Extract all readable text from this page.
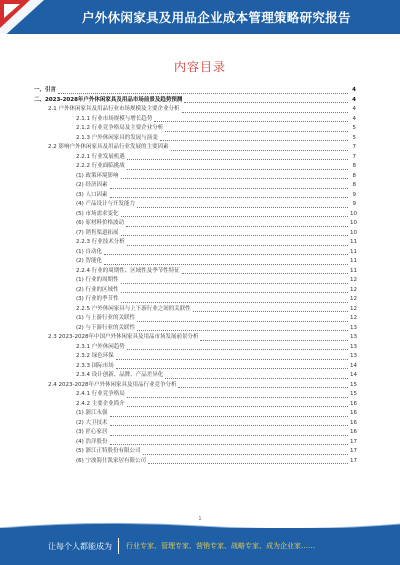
户外休闲家具及用品企业成本管理策略研究报告
内容目录
一、引言	4
二、2023-2028年户外休闲家具及用品市场前景及趋势预测	4
2.1 户外休闲家具及用品行业市场规模及主要企业分析	4
2.1.1 行业市场规模与增长趋势	4
2.1.2 行业竞争格局及主要企业分析	5
2.1.3 户外休闲家具的发展与演变	5
2.2 影响户外休闲家具及用品行业发展的主要因素	7
2.2.1 行业发展机遇	7
2.2.2 行业面临挑战	8
(1) 政策环境影响	8
(2) 经济因素	8
(3) 人口因素	9
(4) 产品设计与开发能力	9
(5) 市场需求变化	10
(6) 原材料价格波动	10
(7) 销售渠道拓展	10
2.2.3 行业技术分析	11
(1) 自动化	11
(2) 智能化	11
2.2.4 行业的周期性、区域性及季节性特征	11
(1) 行业的周期性	12
(2) 行业的区域性	12
(3) 行业的季节性	12
2.2.5 户外休闲家具与上下游行业之间的关联性	12
(1) 与上游行业的关联性	12
(2) 与下游行业的关联性	13
2.3 2023-2028年中国户外休闲家具及用品市场发展前景分析	13
2.3.1 户外休闲趋势	13
2.3.2 绿色环保	13
2.3.3 国际市场	14
2.3.4 设计创新、品牌、产品差异化	14
2.4 2023-2028年户外休闲家具及用品行业竞争分析	15
2.4.1 行业竞争格局	15
2.4.2 主要企业简介	16
(1) 浙江永强	16
(2) 大卫技术	16
(3) 匠心家居	16
(4) 浩洋股份	17
(5) 浙江正特股份有限公司	17
(6) 宁波海仕凯家居有限公司	17
1
让每个人都能成为 行业专家、管理专家、营销专家、战略专家、成为企业家……
